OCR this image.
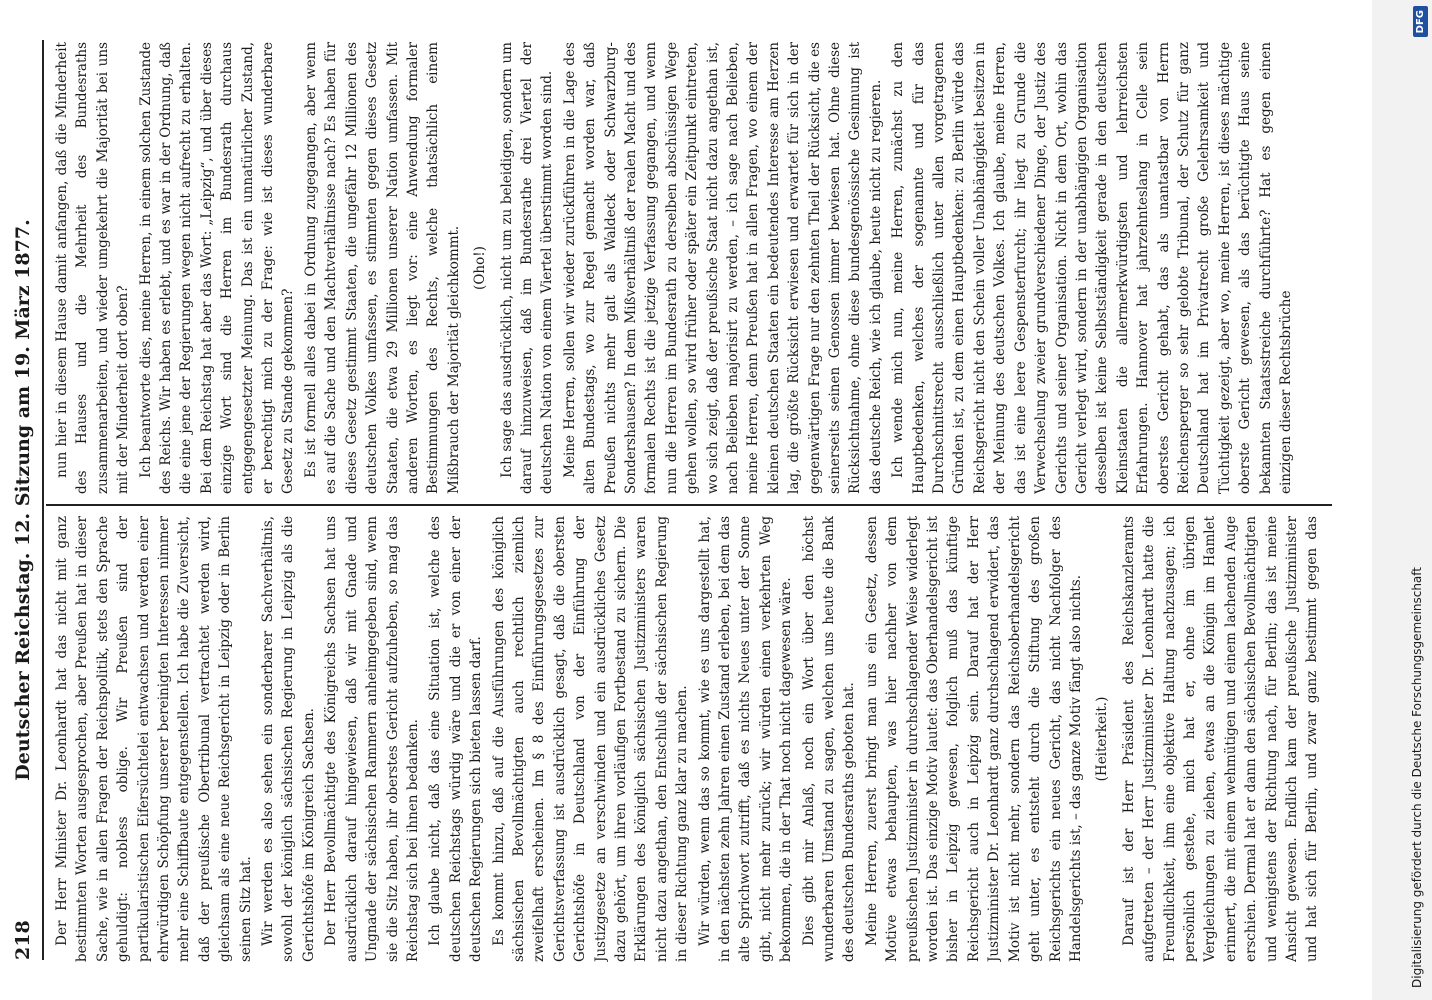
218
Deutscher Reichstag. 12. Sitzung am 19. März 1877. Der Herr Minister Dr. Leonhardt hat das nicht mit ganz bestimmten Worten ausgesprochen, aber Preußen hat in dieser Sache, wie in allen Fragen der Reichspolitik, stets den Sprache gehuldigt: nobless oblige. Wir Preußen sind der partikularistischen Eifersüchtelei entwachsen und werden einer ehrwürdigen Schöpfung unserer bereinigten Interessen nimmer mehr eine Schiffbaute entgegenstellen. Ich habe die Zuversicht, daß der preußische Obertribunal vertrachtet werden wird, gleichsam als eine neue Reichsgericht in Leipzig oder in Berlin seinen Sitz hat. Wir werden es also sehen ein sonderbarer Sachverhältnis, sowohl der königlich sächsischen Regierung in Leipzig als die Gerichtshöfe im Königreich Sachsen. Der Herr Bevollmächtigte des Königreichs Sachsen hat uns ausdrücklich darauf hingewiesen, daß wir mit Gnade und Ungnade der sächsischen Rammern anheimgegeben sind, wenn sie die Sitz haben, ihr oberstes Gericht aufzuheben, so mag das Reichstag sich bei ihnen bedanken. Ich glaube nicht, daß das eine Situation ist, welche des deutschen Reichstags würdig wäre und die er von einer der deutschen Regierungen sich bieten lassen darf. Es kommt hinzu, daß auf die Ausführungen des königlich sächsischen Bevollmächtigten auch rechtlich ziemlich zweifelhaft erscheinen. Im § 8 des Einführungsgesetzes zur Gerichtsverfassung ist ausdrücklich gesagt, daß die obersten Gerichtshöfe in Deutschland von der Einführung der Justizgesetze an verschwinden und ein ausdrückliches Gesetz dazu gehört, um ihren vorläufigen Fortbestand zu sichern. Die Erklärungen des königlich sächsischen Justizministers waren nicht dazu angethan, den Entschluß der sächsischen Regierung in dieser Richtung ganz klar zu machen. Wir würden, wenn das so kommt, wie es uns dargestellt hat, in den nächsten zehn Jahren einen Zustand erleben, bei dem das alte Sprichwort zutrifft, daß es nichts Neues unter der Sonne gibt, nicht mehr zurück; wir würden einen verkehrten Weg bekommen, die in der That noch nicht dagewesen wäre. Dies gibt mir Anlaß, noch ein Wort über den höchst wunderbaren Umstand zu sagen, welchen uns heute die Bank des deutschen Bundesraths geboten hat. Meine Herren, zuerst bringt man uns ein Gesetz, dessen Motive etwas behaupten, was hier nachher von dem preußischen Justizminister in durchschlagender Weise widerlegt worden ist. Das einzige Motiv lautet: das Oberhandelsgericht ist bisher in Leipzig gewesen, folglich muß das künftige Reichsgericht auch in Leipzig sein. Darauf hat der Herr Justizminister Dr. Leonhardt ganz durchschlagend erwidert, das Motiv ist nicht mehr, sondern das Reichsoberhandelsgericht geht unter, es entsteht durch die Stiftung des großen Reichsgerichts ein neues Gericht, das nicht Nachfolger des Handelsgerichts ist, – das ganze Motiv fängt also nichts. (Heiterkeit.)

Darauf ist der Herr Präsident des Reichskanzleramts aufgetreten – der Herr Justizminister Dr. Leonhardt hatte die Freundlichkeit, ihm eine objektive Haltung nachzusagen; ich persönlich gestehe, mich hat er, ohne im übrigen Vergleichungen zu ziehen, etwas an die Königin im Hamlet erinnert, die mit einem wehmütigen und einem lachenden Auge erschien. Dermal hat er dann den sächsischen Bevollmächtigten und wenigstens der Richtung nach, für Berlin; das ist meine Ansicht gewesen. Endlich kam der preußische Justizminister und hat sich für Berlin, und zwar ganz bestimmt gegen das

nun hier in diesem Hause damit anfangen, daß die Minderheit des Hauses und die Mehrheit des Bundesraths zusammenarbeiten, und wieder umgekehrt die Majorität bei uns mit der Minderheit dort oben? Ich beantworte dies, meine Herren, in einem solchen Zustande des Reichs. Wir haben es erlebt, und es war in der Ordnung, daß die eine jene der Regierungen wegen nicht aufrecht zu erhalten. Bei dem Reichstag hat aber das Wort: „Leipzig“, und über dieses einzige Wort sind die Herren im Bundesrath durchaus entgegengesetzter Meinung. Das ist ein unnatürlicher Zustand, er berechtigt mich zu der Frage: wie ist dieses wunderbare Gesetz zu Stande gekommen? Es ist formell alles dabei in Ordnung zugegangen, aber wenn es auf die Sache und den Machtverhältnisse nach? Es haben für dieses Gesetz gestimmt Staaten, die ungefähr 12 Millionen des deutschen Volkes umfassen, es stimmten gegen dieses Gesetz Staaten, die etwa 29 Millionen unserer Nation umfassen. Mit anderen Worten, es liegt vor: eine Anwendung formaler Bestimmungen des Rechts, welche thatsächlich einem Mißbrauch der Majorität gleichkommt. (Oho!) Ich sage das ausdrücklich, nicht um zu beleidigen, sondern um darauf hinzuweisen, daß im Bundesrathe drei Viertel der deutschen Nation von einem Viertel überstimmt worden sind. Meine Herren, sollen wir wieder zurückführen in die Lage des alten Bundestags, wo zur Regel gemacht worden war, daß Preußen nichts mehr galt als Waldeck oder Schwarzburg-Sondershausen? In dem Mißverhältniß der realen Macht und des formalen Rechts ist die jetzige Verfassung gegangen, und wenn nun die Herren im Bundesrath zu derselben abschüssigen Wege gehen wollen, so wird früher oder später ein Zeitpunkt eintreten, wo sich zeigt, daß der preußische Staat nicht dazu angethan ist, nach Belieben majorisirt zu werden, – ich sage nach Belieben, meine Herren, denn Preußen hat in allen Fragen, wo einem der kleinen deutschen Staaten ein bedeutendes Interesse am Herzen lag, die größte Rücksicht erwiesen und erwartet für sich in der gegenwärtigen Frage nur den zehnten Theil der Rücksicht, die es seinerseits seinen Genossen immer bewiesen hat. Ohne diese Rücksichtnahme, ohne diese bundesgenössische Gesinnung ist das deutsche Reich, wie ich glaube, heute nicht zu regieren. Ich wende mich nun, meine Herren, zunächst zu den Hauptbedenken, welches der sogenannte und für das Durchschnittsrecht ausschließlich unter allen vorgetragenen Gründen ist, zu dem einen Hauptbedenken: zu Berlin würde das Reichsgericht nicht den Schein voller Unabhängigkeit besitzen in der Meinung des deutschen Volkes. Ich glaube, meine Herren, das ist eine leere Gespensterfurcht; ihr liegt zu Grunde die Verwechselung zweier grundverschiedener Dinge, der Justiz des Gerichts und seiner Organisation. Nicht in dem Ort, wohin das Gericht verlegt wird, sondern in der unabhängigen Organisation desselben ist keine Selbstständigkeit gerade in den deutschen Kleinstaaten die allermerkwürdigsten und lehrreichsten Erfahrungen. Hannover hat jahrzehnteslang in Celle sein oberstes Gericht gehabt, das als unantastbar von Herrn Reichensperger so sehr gelobte Tribunal, der Schutz für ganz Deutschland hat im Privatrecht große Gelehrsamkeit und Tüchtigkeit gezeigt, aber wo, meine Herren, ist dieses mächtige oberste Gericht gewesen, als das berüchtigte Haus seine bekannten Staatsstreiche durchführte? Hat es gegen einen einzigen dieser Rechtsbrüche

Digitalisierung gefördert durch die Deutsche Forschungsgemeinschaft
DFG
